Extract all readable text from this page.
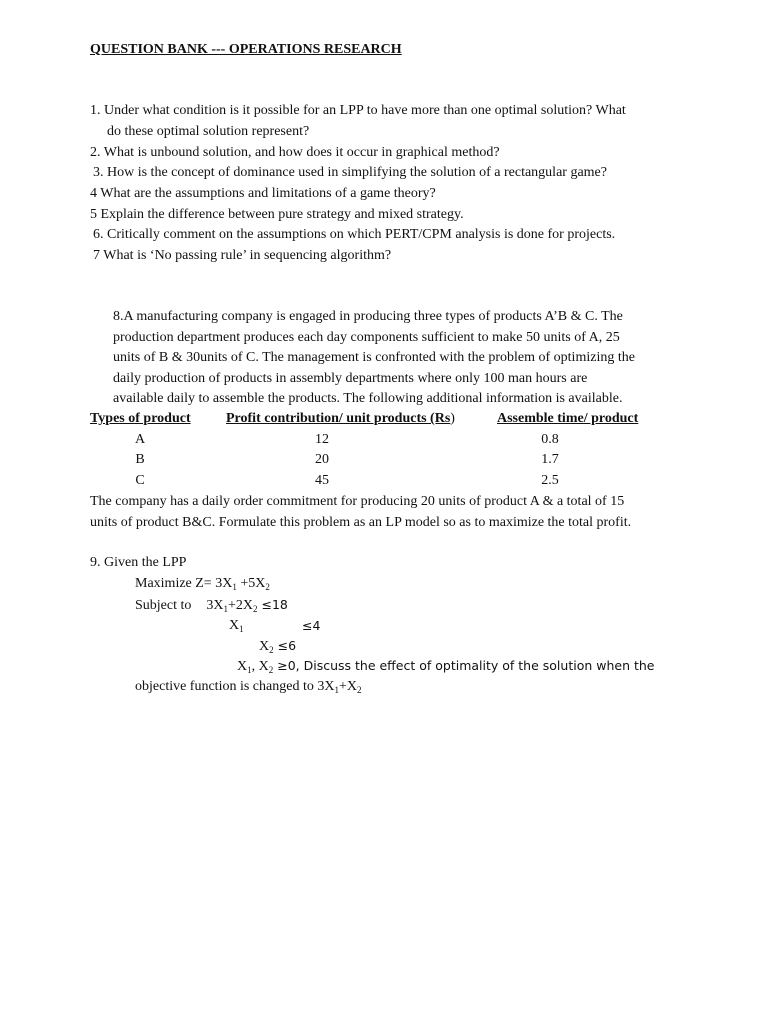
QUESTION BANK --- OPERATIONS RESEARCH
1. Under what condition is it possible for an LPP to have more than one optimal solution? What
do these optimal solution represent?
2. What is unbound solution, and how does it occur in graphical method?
3. How is the concept of dominance used in simplifying the solution of a rectangular game?
4 What are the assumptions and limitations of a game theory?
5 Explain the difference between pure strategy and mixed strategy.
6. Critically comment on the assumptions on which PERT/CPM analysis is done for projects.
7 What is ‘No passing rule’ in sequencing algorithm?
8.A manufacturing company is engaged in producing three types of products A’B & C. The
production department produces each day components sufficient to make 50 units of A, 25
units of B & 30units of C. The management is confronted with the problem of optimizing the
daily production of products in assembly departments where only 100 man hours are
available daily to assemble the products. The following additional information is available.
Types of product	Profit contribution/ unit products (Rs)	Assemble time/ product
A	12	0.8
B	20	1.7
C	45	2.5
The company has a daily order commitment for producing 20 units of product A & a total of 15
units of product B&C. Formulate this problem as an LP model so as to maximize the total profit.
9. Given the LPP
Maximize $Z= 3X_1 +5X_2$
Subject to $3X_1+2X_2 \le 18$
$X_1$	≤4
$X_2 \le 6$
$X_1$, $X_2 \ge 0$, Discuss the effect of optimality of the solution when the
objective function is changed to $3X_1+X_2$
